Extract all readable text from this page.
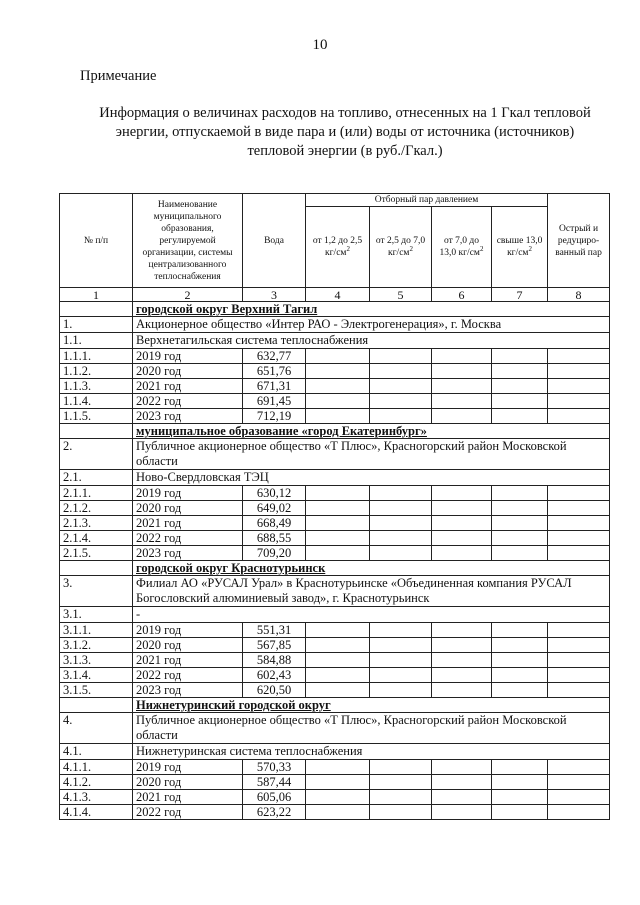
10
Примечание
Информация о величинах расходов на топливо, отнесенных на 1 Гкал тепловой
энергии, отпускаемой в виде пара и (или) воды от источника (источников)
тепловой энергии (в руб./Гкал.)
№ п/п	Наименование муниципального образования, регулируемой организации, системы централизованного теплоснабжения	Вода	Отборный пар давлением				Острый и редуциро-ванный пар
			от 1,2 до 2,5 $кг/см^2$	от 2,5 до 7,0 $кг/см^2$	от 7,0 до 13,0 $кг/см^2$	свыше 13,0 $кг/см^2$
1	2	3	4	5	6	7	8
	городской округ Верхний Тагил						
1.	Акционерное общество «Интер РАО - Электрогенерация», г. Москва						
1.1.	Верхнетагильская система теплоснабжения						
1.1.1.	2019 год	632,77					
1.1.2.	2020 год	651,76					
1.1.3.	2021 год	671,31					
1.1.4.	2022 год	691,45					
1.1.5.	2023 год	712,19					
	муниципальное образование «город Екатеринбург»						
2.	Публичное акционерное общество «Т Плюс», Красногорский район Московской области						
2.1.	Ново-Свердловская ТЭЦ						
2.1.1.	2019 год	630,12					
2.1.2.	2020 год	649,02					
2.1.3.	2021 год	668,49					
2.1.4.	2022 год	688,55					
2.1.5.	2023 год	709,20					
	городской округ Краснотурьинск						
3.	Филиал АО «РУСАЛ Урал» в Краснотурьинске «Объединенная компания РУСАЛ Богословский алюминиевый завод», г. Краснотурьинск						
3.1.	-						
3.1.1.	2019 год	551,31					
3.1.2.	2020 год	567,85					
3.1.3.	2021 год	584,88					
3.1.4.	2022 год	602,43					
3.1.5.	2023 год	620,50					
	Нижнетуринский городской округ						
4.	Публичное акционерное общество «Т Плюс», Красногорский район Московской области						
4.1.	Нижнетуринская система теплоснабжения						
4.1.1.	2019 год	570,33					
4.1.2.	2020 год	587,44					
4.1.3.	2021 год	605,06					
4.1.4.	2022 год	623,22					
